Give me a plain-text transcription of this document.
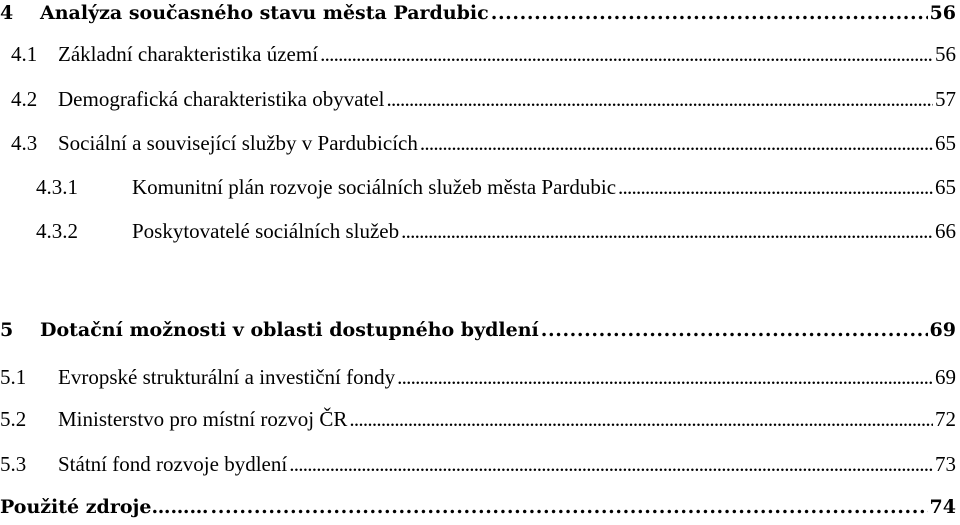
4	Analýza současného stavu města Pardubic . . .	56
4.1 Základní charakteristika území . . .	56
4.2 Demografická charakteristika obyvatel . . .	57
4.3 Sociální a související služby v Pardubicích . . .	65
4.3.1	Komunitní plán rozvoje sociálních služeb města Pardubic . . .	65
4.3.2	Poskytovatelé sociálních služeb . . .	66
5	Dotační možnosti v oblasti dostupného bydlení . . .	69
5.1	Evropské strukturální a investiční fondy . . .	69
5.2	Ministerstvo pro místní rozvoj ČR . . .	72
5.3	Státní fond rozvoje bydlení . . .	73
Použité zdroje……… . . .	74
